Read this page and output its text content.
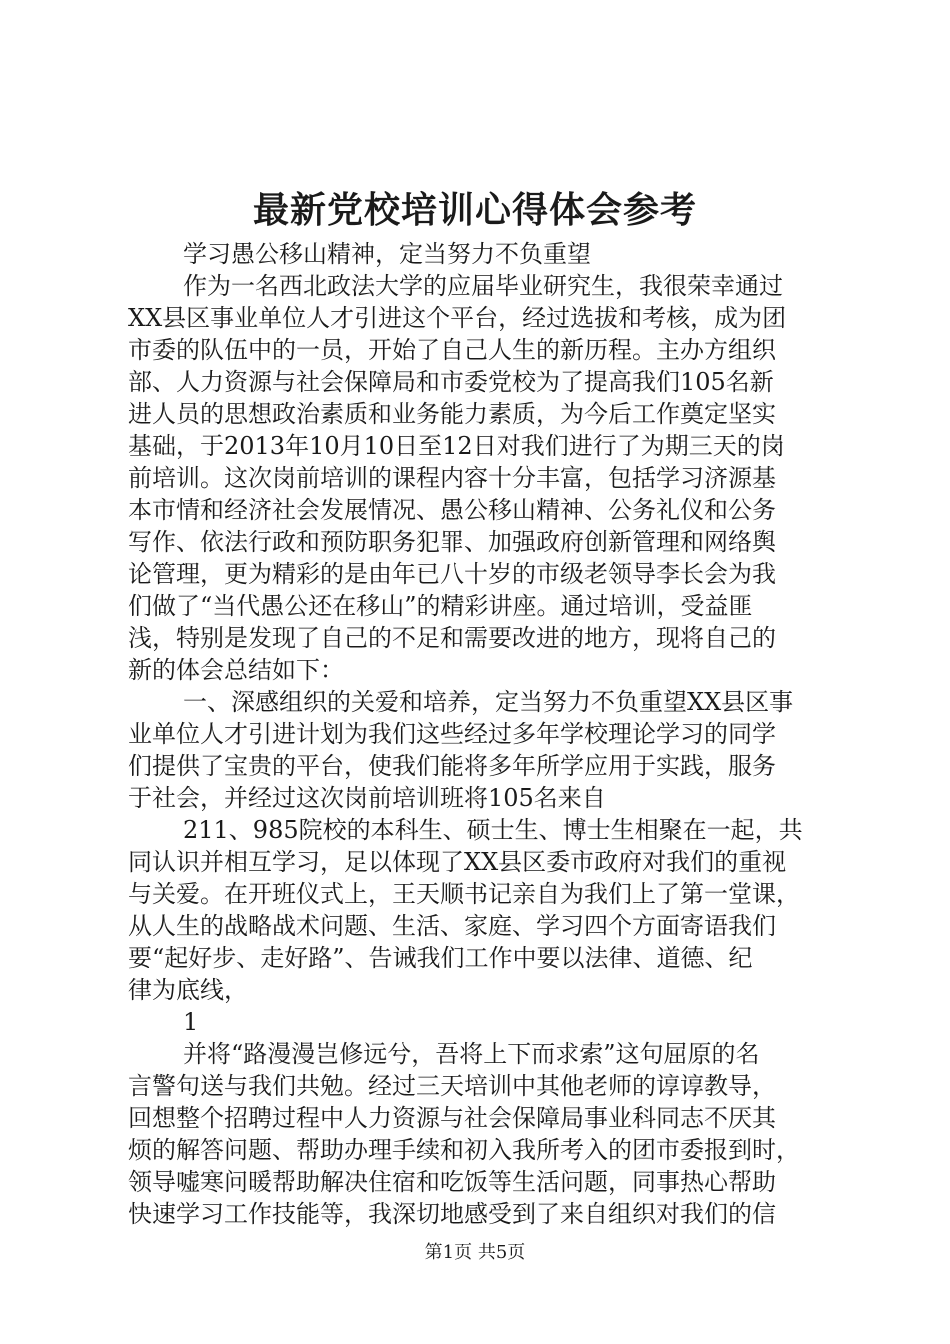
最新党校培训心得体会参考

学习愚公移山精神，定当努力不负重望

作为一名西北政法大学的应届毕业研究生，我很荣幸通过

XX县区事业单位人才引进这个平台，经过选拔和考核，成为团

市委的队伍中的一员，开始了自己人生的新历程。主办方组织

部、人力资源与社会保障局和市委党校为了提高我们105名新

进人员的思想政治素质和业务能力素质，为今后工作奠定坚实

基础，于2013年10月10日至12日对我们进行了为期三天的岗

前培训。这次岗前培训的课程内容十分丰富，包括学习济源基

本市情和经济社会发展情况、愚公移山精神、公务礼仪和公务

写作、依法行政和预防职务犯罪、加强政府创新管理和网络舆

论管理，更为精彩的是由年已八十岁的市级老领导李长会为我

们做了“当代愚公还在移山”的精彩讲座。通过培训，受益匪

浅，特别是发现了自己的不足和需要改进的地方，现将自己的

新的体会总结如下：

一、深感组织的关爱和培养，定当努力不负重望XX县区事

业单位人才引进计划为我们这些经过多年学校理论学习的同学

们提供了宝贵的平台，使我们能将多年所学应用于实践，服务

于社会，并经过这次岗前培训班将105名来自

211、985院校的本科生、硕士生、博士生相聚在一起，共

同认识并相互学习，足以体现了XX县区委市政府对我们的重视

与关爱。在开班仪式上，王天顺书记亲自为我们上了第一堂课，

从人生的战略战术问题、生活、家庭、学习四个方面寄语我们

要“起好步、走好路”、告诫我们工作中要以法律、道德、纪

律为底线，

1

并将“路漫漫岂修远兮，吾将上下而求索”这句屈原的名

言警句送与我们共勉。经过三天培训中其他老师的谆谆教导，

回想整个招聘过程中人力资源与社会保障局事业科同志不厌其

烦的解答问题、帮助办理手续和初入我所考入的团市委报到时，

领导嘘寒问暖帮助解决住宿和吃饭等生活问题，同事热心帮助

快速学习工作技能等，我深切地感受到了来自组织对我们的信

第1页 共5页
